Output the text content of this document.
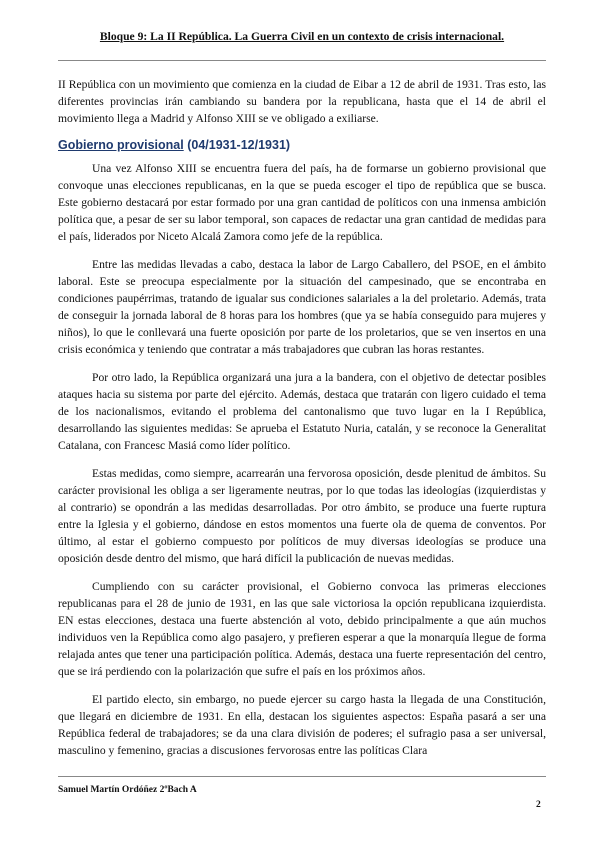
Bloque 9: La II República. La Guerra Civil en un contexto de crisis internacional.

II República con un movimiento que comienza en la ciudad de Eibar a 12 de abril de 1931. Tras esto, las diferentes provincias irán cambiando su bandera por la republicana, hasta que el 14 de abril el movimiento llega a Madrid y Alfonso XIII se ve obligado a exiliarse.

Gobierno provisional (04/1931-12/1931)

Una vez Alfonso XIII se encuentra fuera del país, ha de formarse un gobierno provisional que convoque unas elecciones republicanas, en la que se pueda escoger el tipo de república que se busca. Este gobierno destacará por estar formado por una gran cantidad de políticos con una inmensa ambición política que, a pesar de ser su labor temporal, son capaces de redactar una gran cantidad de medidas para el país, liderados por Niceto Alcalá Zamora como jefe de la república.

Entre las medidas llevadas a cabo, destaca la labor de Largo Caballero, del PSOE, en el ámbito laboral. Este se preocupa especialmente por la situación del campesinado, que se encontraba en condiciones paupérrimas, tratando de igualar sus condiciones salariales a la del proletario. Además, trata de conseguir la jornada laboral de 8 horas para los hombres (que ya se había conseguido para mujeres y niños), lo que le conllevará una fuerte oposición por parte de los proletarios, que se ven insertos en una crisis económica y teniendo que contratar a más trabajadores que cubran las horas restantes.

Por otro lado, la República organizará una jura a la bandera, con el objetivo de detectar posibles ataques hacia su sistema por parte del ejército. Además, destaca que tratarán con ligero cuidado el tema de los nacionalismos, evitando el problema del cantonalismo que tuvo lugar en la I República, desarrollando las siguientes medidas: Se aprueba el Estatuto Nuria, catalán, y se reconoce la Generalitat Catalana, con Francesc Masiá como líder político.

Estas medidas, como siempre, acarrearán una fervorosa oposición, desde plenitud de ámbitos. Su carácter provisional les obliga a ser ligeramente neutras, por lo que todas las ideologías (izquierdistas y al contrario) se opondrán a las medidas desarrolladas. Por otro ámbito, se produce una fuerte ruptura entre la Iglesia y el gobierno, dándose en estos momentos una fuerte ola de quema de conventos. Por último, al estar el gobierno compuesto por políticos de muy diversas ideologías se produce una oposición desde dentro del mismo, que hará difícil la publicación de nuevas medidas.

Cumpliendo con su carácter provisional, el Gobierno convoca las primeras elecciones republicanas para el 28 de junio de 1931, en las que sale victoriosa la opción republicana izquierdista. EN estas elecciones, destaca una fuerte abstención al voto, debido principalmente a que aún muchos individuos ven la República como algo pasajero, y prefieren esperar a que la monarquía llegue de forma relajada antes que tener una participación política. Además, destaca una fuerte representación del centro, que se irá perdiendo con la polarización que sufre el país en los próximos años.

El partido electo, sin embargo, no puede ejercer su cargo hasta la llegada de una Constitución, que llegará en diciembre de 1931. En ella, destacan los siguientes aspectos: España pasará a ser una República federal de trabajadores; se da una clara división de poderes; el sufragio pasa a ser universal, masculino y femenino, gracias a discusiones fervorosas entre las políticas Clara

Samuel Martín Ordóñez 2ºBach A
2
